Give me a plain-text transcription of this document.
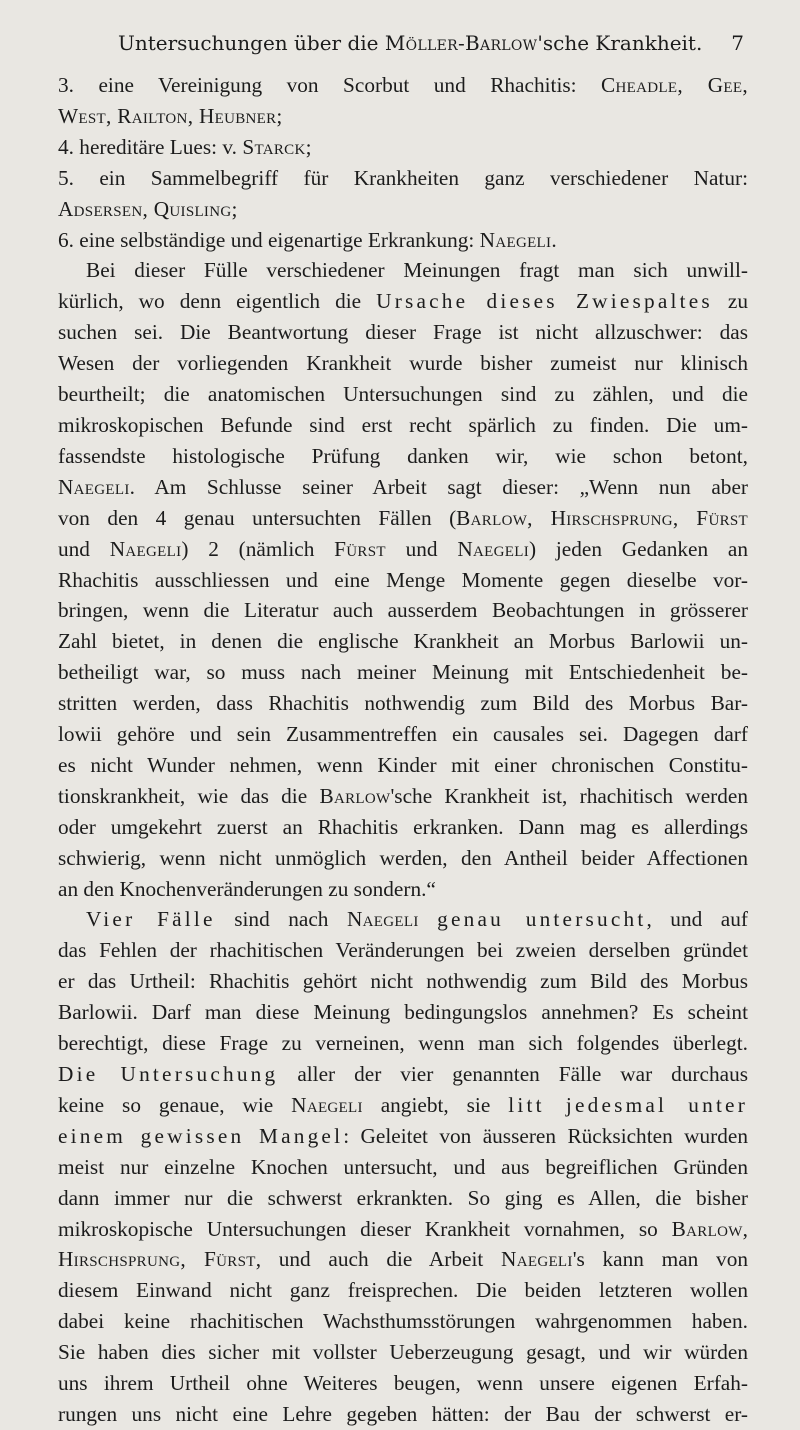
Untersuchungen über die Möller-Barlow'sche Krankheit. 7
3. eine Vereinigung von Scorbut und Rhachitis: Cheadle, Gee,
West, Railton, Heubner;
4. hereditäre Lues: v. Starck;
5. ein Sammelbegriff für Krankheiten ganz verschiedener Natur:
Adsersen, Quisling;
6. eine selbständige und eigenartige Erkrankung: Naegeli.
Bei dieser Fülle verschiedener Meinungen fragt man sich unwill-
kürlich, wo denn eigentlich die Ursache dieses Zwiespaltes zu
suchen sei. Die Beantwortung dieser Frage ist nicht allzuschwer: das
Wesen der vorliegenden Krankheit wurde bisher zumeist nur klinisch
beurtheilt; die anatomischen Untersuchungen sind zu zählen, und die
mikroskopischen Befunde sind erst recht spärlich zu finden. Die um-
fassendste histologische Prüfung danken wir, wie schon betont,
Naegeli. Am Schlusse seiner Arbeit sagt dieser: „Wenn nun aber
von den 4 genau untersuchten Fällen (Barlow, Hirschsprung, Fürst
und Naegeli) 2 (nämlich Fürst und Naegeli) jeden Gedanken an
Rhachitis ausschliessen und eine Menge Momente gegen dieselbe vor-
bringen, wenn die Literatur auch ausserdem Beobachtungen in grösserer
Zahl bietet, in denen die englische Krankheit an Morbus Barlowii un-
betheiligt war, so muss nach meiner Meinung mit Entschiedenheit be-
stritten werden, dass Rhachitis nothwendig zum Bild des Morbus Bar-
lowii gehöre und sein Zusammentreffen ein causales sei. Dagegen darf
es nicht Wunder nehmen, wenn Kinder mit einer chronischen Constitu-
tionskrankheit, wie das die Barlow'sche Krankheit ist, rhachitisch werden
oder umgekehrt zuerst an Rhachitis erkranken. Dann mag es allerdings
schwierig, wenn nicht unmöglich werden, den Antheil beider Affectionen
an den Knochenveränderungen zu sondern.“
Vier Fälle sind nach Naegeli genau untersucht, und auf
das Fehlen der rhachitischen Veränderungen bei zweien derselben gründet
er das Urtheil: Rhachitis gehört nicht nothwendig zum Bild des Morbus
Barlowii. Darf man diese Meinung bedingungslos annehmen? Es scheint
berechtigt, diese Frage zu verneinen, wenn man sich folgendes überlegt.
Die Untersuchung aller der vier genannten Fälle war durchaus
keine so genaue, wie Naegeli angiebt, sie litt jedesmal unter
einem gewissen Mangel: Geleitet von äusseren Rücksichten wurden
meist nur einzelne Knochen untersucht, und aus begreiflichen Gründen
dann immer nur die schwerst erkrankten. So ging es Allen, die bisher
mikroskopische Untersuchungen dieser Krankheit vornahmen, so Barlow,
Hirschsprung, Fürst, und auch die Arbeit Naegeli's kann man von
diesem Einwand nicht ganz freisprechen. Die beiden letzteren wollen
dabei keine rhachitischen Wachsthumsstörungen wahrgenommen haben.
Sie haben dies sicher mit vollster Ueberzeugung gesagt, und wir würden
uns ihrem Urtheil ohne Weiteres beugen, wenn unsere eigenen Erfah-
rungen uns nicht eine Lehre gegeben hätten: der Bau der schwerst er-
